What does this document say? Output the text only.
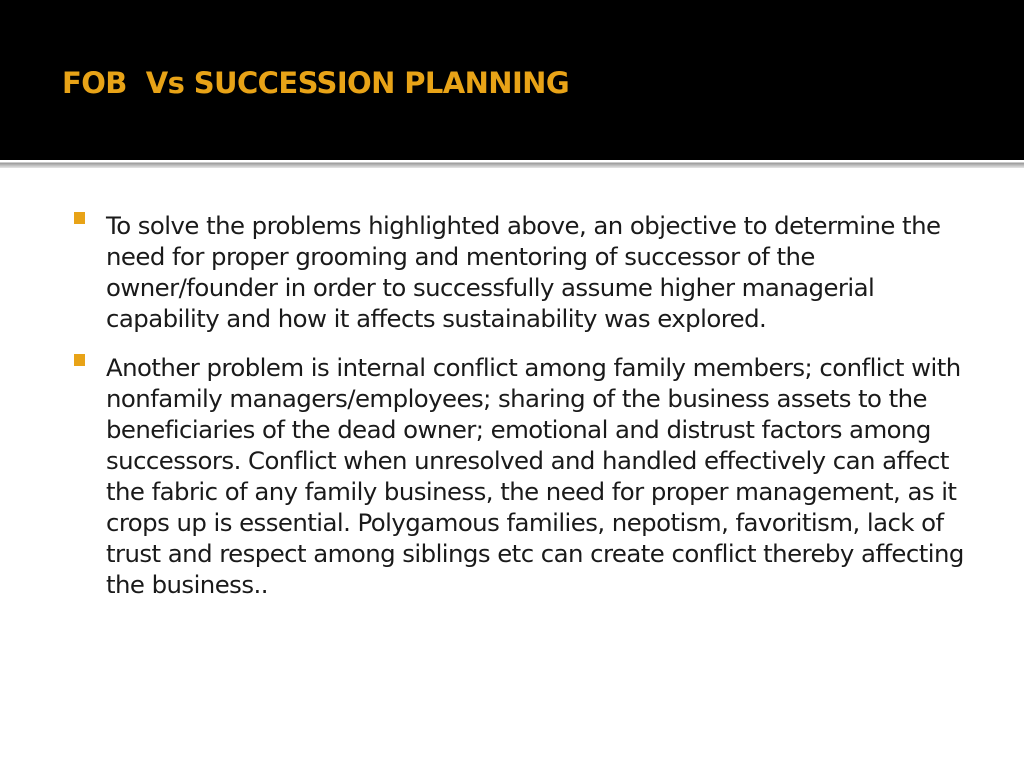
FOB  Vs SUCCESSION PLANNING
To solve the problems highlighted above, an objective to determine the need for proper grooming and mentoring of successor of the owner/founder in order to successfully assume higher managerial capability and how it affects sustainability was explored.
Another problem is internal conflict among family members; conflict with nonfamily managers/employees; sharing of the business assets to the beneficiaries of the dead owner; emotional and distrust factors among successors. Conflict when unresolved and handled effectively can affect the fabric of any family business, the need for proper management, as it crops up is essential. Polygamous families, nepotism, favoritism, lack of trust and respect among siblings etc can create conflict thereby affecting the business..
